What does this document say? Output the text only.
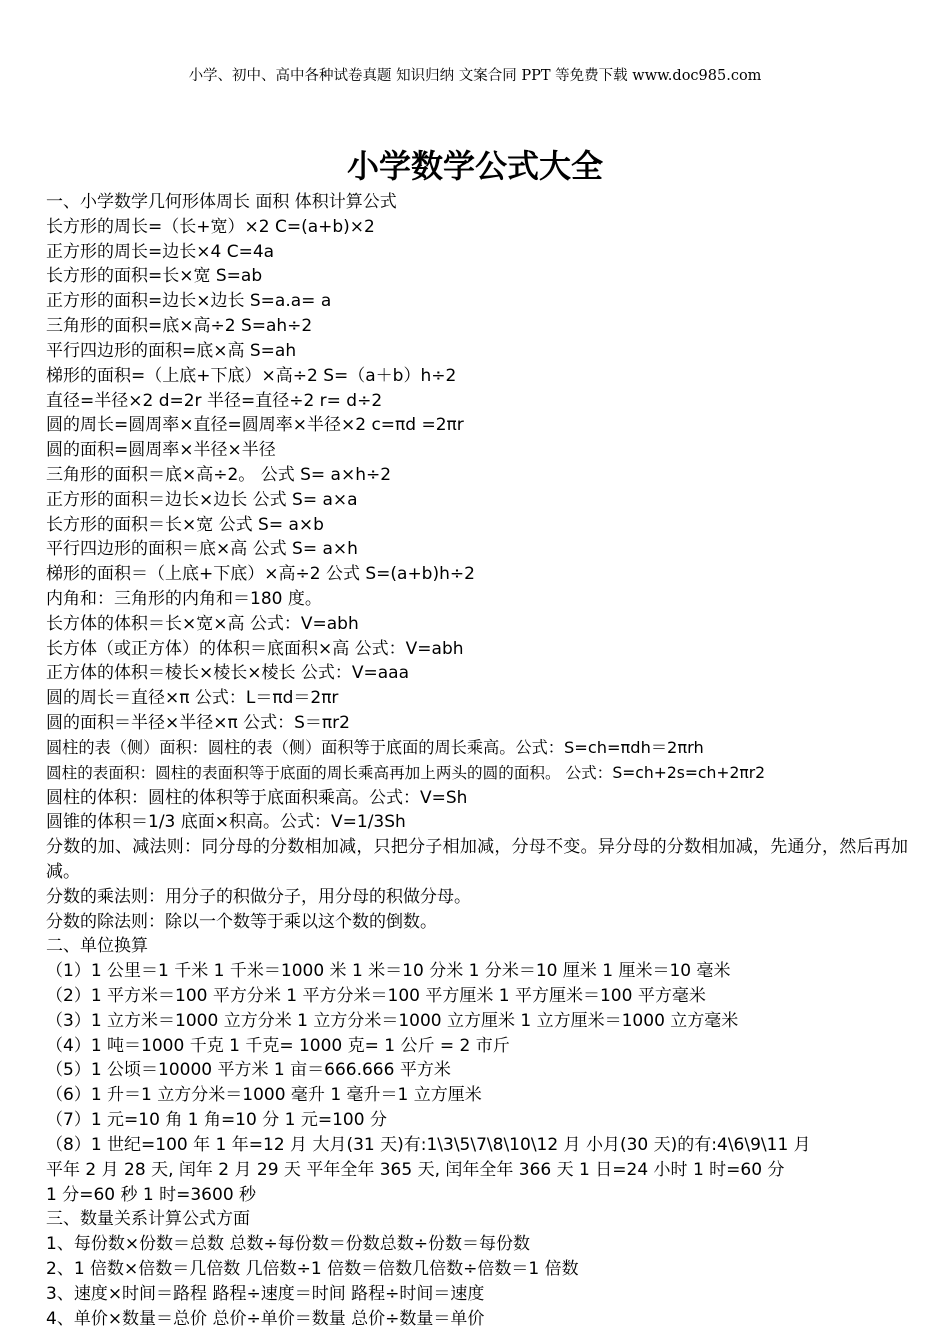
小学、初中、高中各种试卷真题 知识归纳 文案合同 PPT 等免费下载 www.doc985.com
小学数学公式大全
一、小学数学几何形体周长 面积 体积计算公式
长方形的周长=（长+宽）×2 C=(a+b)×2
正方形的周长=边长×4 C=4a
长方形的面积=长×宽 S=ab
正方形的面积=边长×边长 S=a.a= a
三角形的面积=底×高÷2 S=ah÷2
平行四边形的面积=底×高 S=ah
梯形的面积=（上底+下底）×高÷2 S=（a＋b）h÷2
直径=半径×2 d=2r 半径=直径÷2 r= d÷2
圆的周长=圆周率×直径=圆周率×半径×2 c=πd =2πr
圆的面积=圆周率×半径×半径
三角形的面积＝底×高÷2。 公式 S= a×h÷2
正方形的面积＝边长×边长 公式 S= a×a
长方形的面积＝长×宽 公式 S= a×b
平行四边形的面积＝底×高 公式 S= a×h
梯形的面积＝（上底+下底）×高÷2 公式 S=(a+b)h÷2
内角和：三角形的内角和＝180 度。
长方体的体积＝长×宽×高 公式：V=abh
长方体（或正方体）的体积＝底面积×高 公式：V=abh
正方体的体积＝棱长×棱长×棱长 公式：V=aaa
圆的周长＝直径×π 公式：L＝πd＝2πr
圆的面积＝半径×半径×π 公式：S＝πr2
圆柱的表（侧）面积：圆柱的表（侧）面积等于底面的周长乘高。公式：S=ch=πdh＝2πrh
圆柱的表面积：圆柱的表面积等于底面的周长乘高再加上两头的圆的面积。 公式：S=ch+2s=ch+2πr2
圆柱的体积：圆柱的体积等于底面积乘高。公式：V=Sh
圆锥的体积＝1/3 底面×积高。公式：V=1/3Sh
分数的加、减法则：同分母的分数相加减，只把分子相加减，分母不变。异分母的分数相加减，先通分，然后再加减。
分数的乘法则：用分子的积做分子，用分母的积做分母。
分数的除法则：除以一个数等于乘以这个数的倒数。
二、单位换算
（1）1 公里＝1 千米 1 千米＝1000 米 1 米＝10 分米 1 分米＝10 厘米 1 厘米＝10 毫米
（2）1 平方米＝100 平方分米 1 平方分米＝100 平方厘米 1 平方厘米＝100 平方毫米
（3）1 立方米＝1000 立方分米 1 立方分米＝1000 立方厘米 1 立方厘米＝1000 立方毫米
（4）1 吨＝1000 千克 1 千克= 1000 克= 1 公斤 = 2 市斤
（5）1 公顷＝10000 平方米 1 亩＝666.666 平方米
（6）1 升＝1 立方分米＝1000 毫升 1 毫升＝1 立方厘米
（7）1 元=10 角 1 角=10 分 1 元=100 分
（8）1 世纪=100 年 1 年=12 月 大月(31 天)有:1\3\5\7\8\10\12 月 小月(30 天)的有:4\6\9\11 月
平年 2 月 28 天, 闰年 2 月 29 天 平年全年 365 天, 闰年全年 366 天 1 日=24 小时 1 时=60 分
1 分=60 秒 1 时=3600 秒
三、数量关系计算公式方面
1、每份数×份数＝总数 总数÷每份数＝份数总数÷份数＝每份数
2、1 倍数×倍数＝几倍数 几倍数÷1 倍数＝倍数几倍数÷倍数＝1 倍数
3、速度×时间＝路程 路程÷速度＝时间 路程÷时间＝速度
4、单价×数量＝总价 总价÷单价＝数量 总价÷数量＝单价
